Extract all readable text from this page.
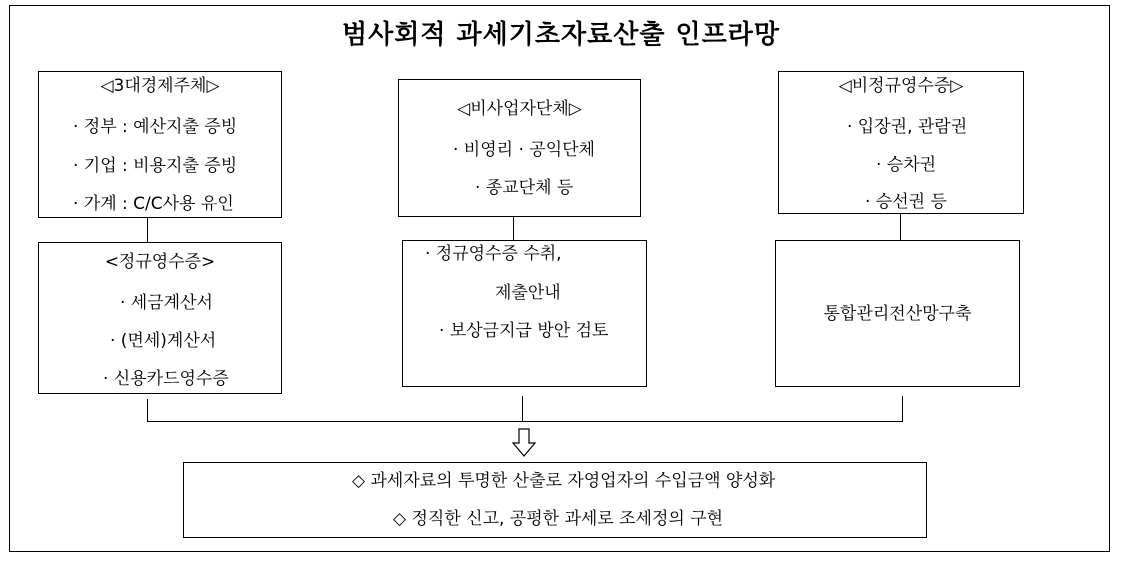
범사회적 과세기초자료산출 인프라망
◁3대경제주체▷
· 정부 : 예산지출 증빙
· 기업 : 비용지출 증빙
· 가계 : C/C사용 유인
◁비사업자단체▷
· 비영리 · 공익단체
· 종교단체 등
◁비정규영수증▷
· 입장권, 관람권
· 승차권
· 승선권 등
<정규영수증>
· 세금계산서
· (면세)계산서
· 신용카드영수증
· 정규영수증 수취,
제출안내
· 보상금지급 방안 검토
통합관리전산망구축
◇ 과세자료의 투명한 산출로 자영업자의 수입금액 양성화
◇ 정직한 신고, 공평한 과세로 조세정의 구현
